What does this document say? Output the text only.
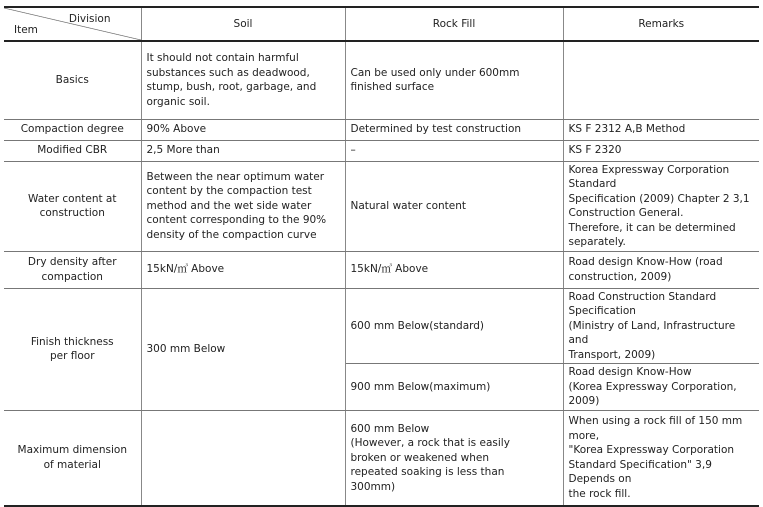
Division
Item	Soil	Rock Fill	Remarks
Basics	It should not contain harmful
substances such as deadwood,
stump, bush, root, garbage, and
organic soil.	Can be used only under 600mm
finished surface	
Compaction degree	90% Above	Determined by test construction	KS F 2312 A,B Method
Modified CBR	2,5 More than	–	KS F 2320
Water content at
construction	Between the near optimum water
content by the compaction test
method and the wet side water
content corresponding to the 90%
density of the compaction curve	Natural water content	Korea Expressway Corporation Standard
Specification (2009) Chapter 2 3,1
Construction General.
Therefore, it can be determined
separately.
Dry density after
compaction	15kN/㎥ Above	15kN/㎥ Above	Road design Know-How (road
construction, 2009)
Finish thickness
per floor	300 mm Below	600 mm Below(standard)	Road Construction Standard
Specification
(Ministry of Land, Infrastructure and
Transport, 2009)
		900 mm Below(maximum)	Road design Know-How
(Korea Expressway Corporation, 2009)
Maximum dimension
of material		600 mm Below
(However, a rock that is easily
broken or weakened when
repeated soaking is less than
300mm)	When using a rock fill of 150 mm more,
"Korea Expressway Corporation
Standard Specification" 3,9 Depends on
the rock fill.
